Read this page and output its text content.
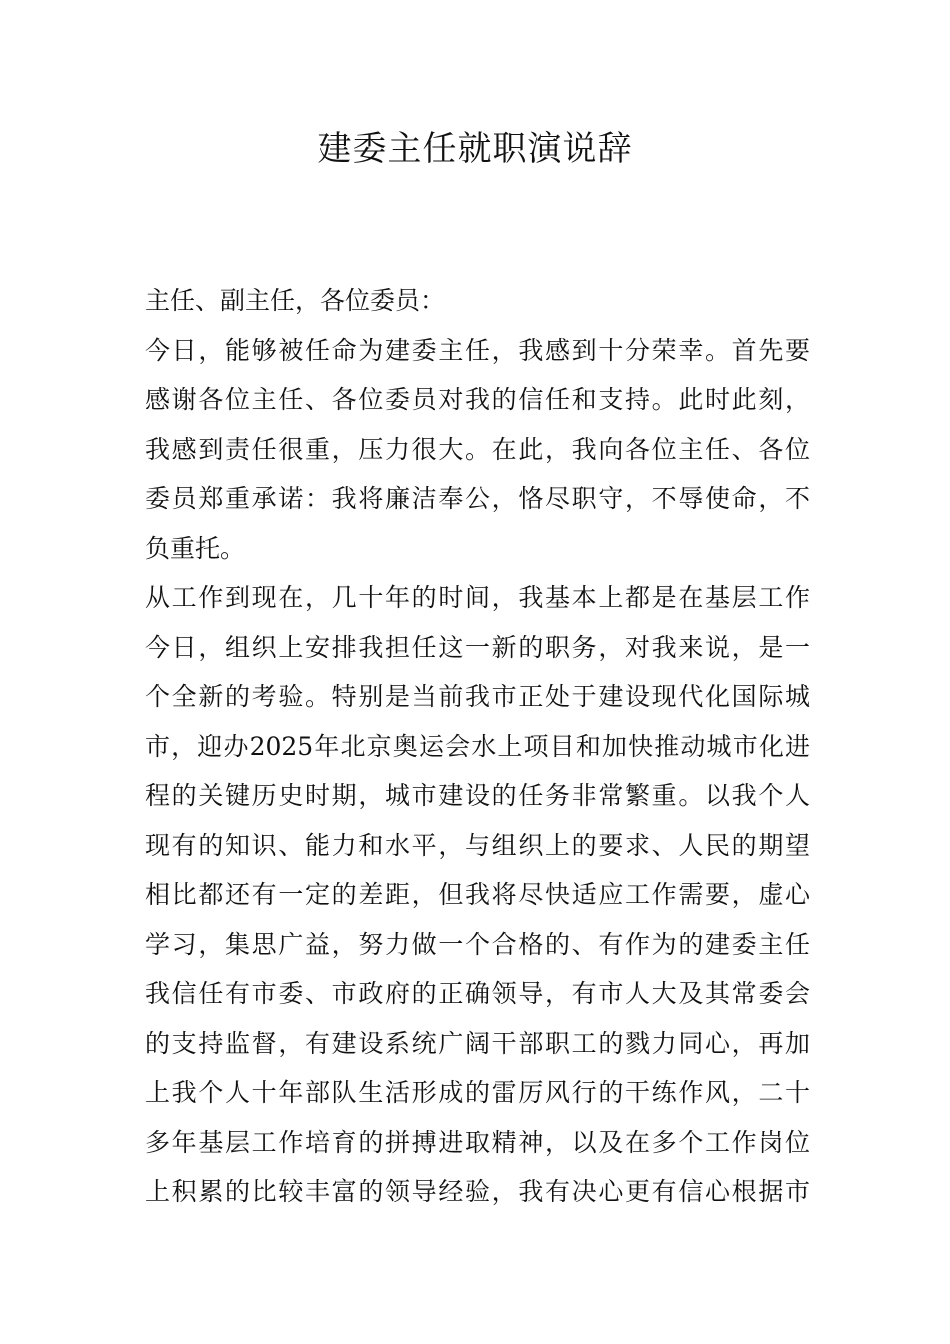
建委主任就职演说辞
主任、副主任，各位委员：
今日，能够被任命为建委主任，我感到十分荣幸。首先要
感谢各位主任、各位委员对我的信任和支持。此时此刻，
我感到责任很重，压力很大。在此，我向各位主任、各位
委员郑重承诺：我将廉洁奉公，恪尽职守，不辱使命，不
负重托。
从工作到现在，几十年的时间，我基本上都是在基层工作
今日，组织上安排我担任这一新的职务，对我来说，是一
个全新的考验。特别是当前我市正处于建设现代化国际城
市，迎办2025年北京奥运会水上项目和加快推动城市化进
程的关键历史时期，城市建设的任务非常繁重。以我个人
现有的知识、能力和水平，与组织上的要求、人民的期望
相比都还有一定的差距，但我将尽快适应工作需要，虚心
学习，集思广益，努力做一个合格的、有作为的建委主任
我信任有市委、市政府的正确领导，有市人大及其常委会
的支持监督，有建设系统广阔干部职工的戮力同心，再加
上我个人十年部队生活形成的雷厉风行的干练作风，二十
多年基层工作培育的拼搏进取精神，以及在多个工作岗位
上积累的比较丰富的领导经验，我有决心更有信心根据市
